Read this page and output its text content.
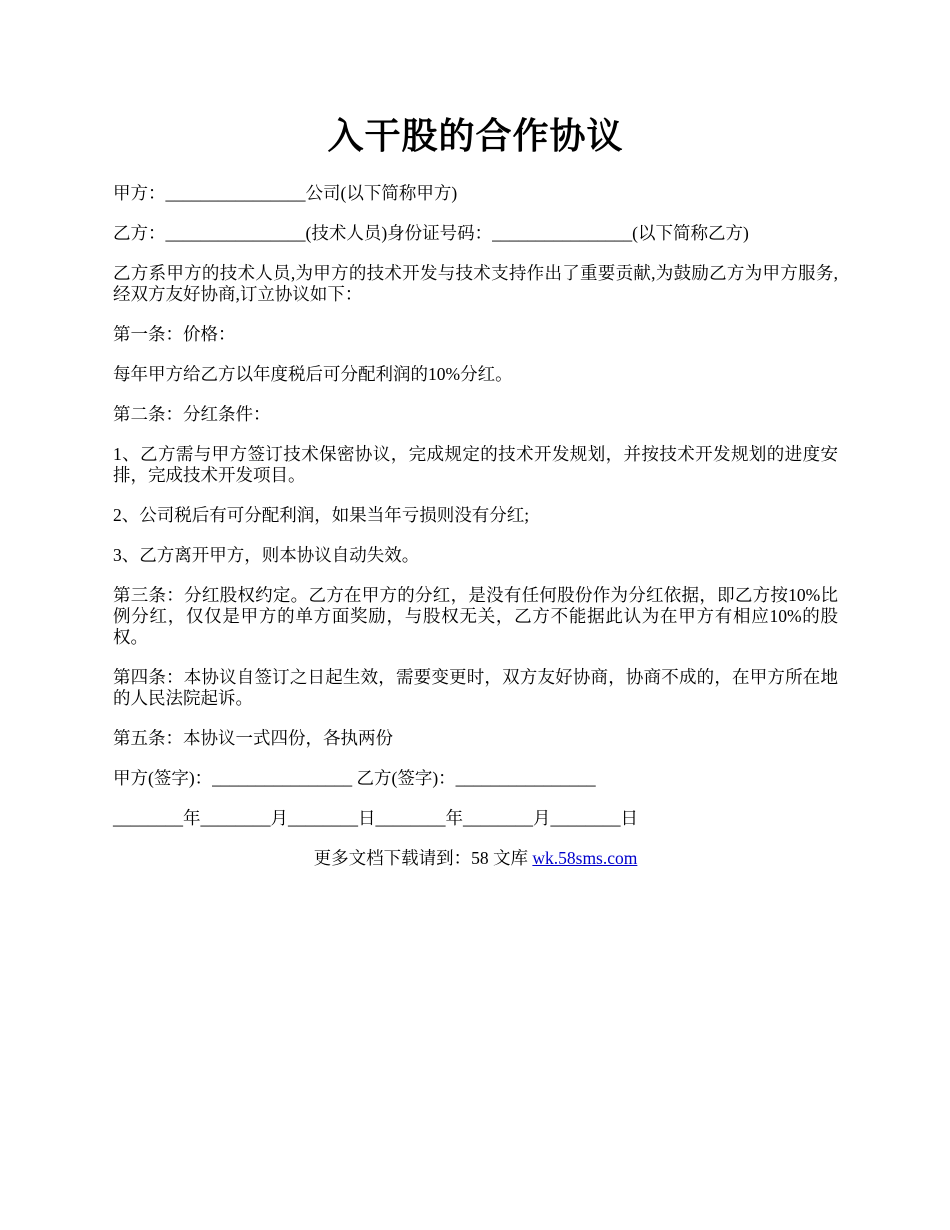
入干股的合作协议

甲方：________________公司(以下简称甲方)

乙方：________________(技术人员)身份证号码：________________(以下简称乙方)

乙方系甲方的技术人员,为甲方的技术开发与技术支持作出了重要贡献,为鼓励乙方为甲方服务,经双方友好协商,订立协议如下：

第一条：价格：

每年甲方给乙方以年度税后可分配利润的10%分红。

第二条：分红条件：

1、乙方需与甲方签订技术保密协议，完成规定的技术开发规划，并按技术开发规划的进度安排，完成技术开发项目。

2、公司税后有可分配利润，如果当年亏损则没有分红;

3、乙方离开甲方，则本协议自动失效。

第三条：分红股权约定。乙方在甲方的分红，是没有任何股份作为分红依据，即乙方按10%比例分红，仅仅是甲方的单方面奖励，与股权无关，乙方不能据此认为在甲方有相应10%的股权。

第四条：本协议自签订之日起生效，需要变更时，双方友好协商，协商不成的，在甲方所在地的人民法院起诉。

第五条：本协议一式四份，各执两份

甲方(签字)：________________ 乙方(签字)：________________

________年________月________日________年________月________日

更多文档下载请到：58 文库 wk.58sms.com
